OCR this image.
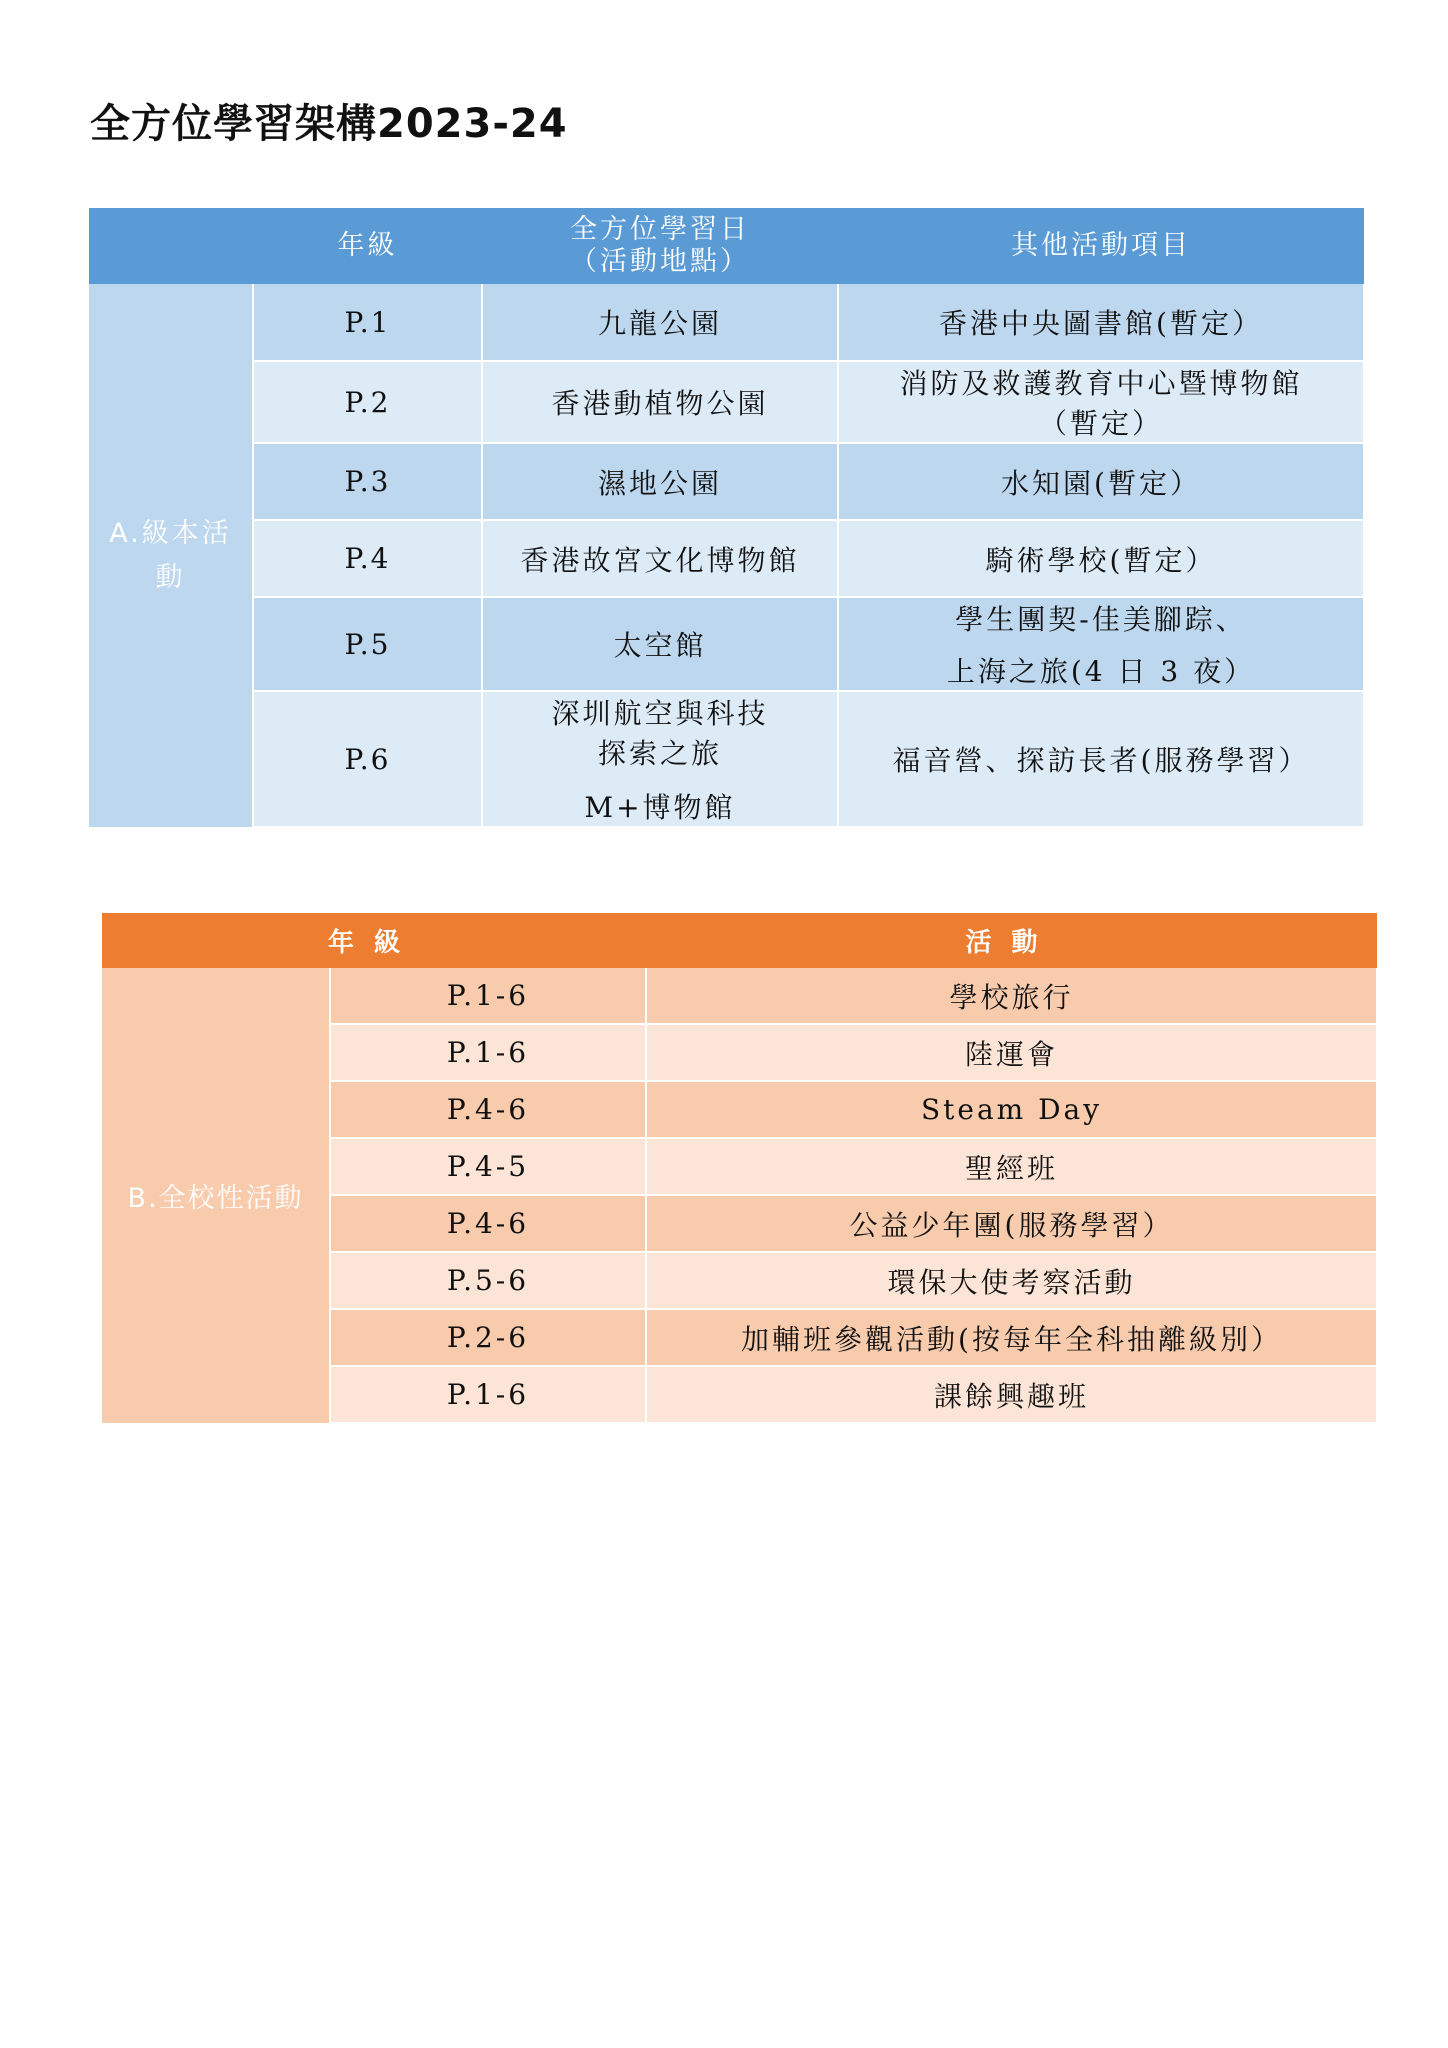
全方位學習架構2023-24
	年級	全方位學習日
（活動地點）	其他活動項目
A.級本活動	P.1	九龍公園	香港中央圖書館(暫定）

	P.2	香港動植物公園	消防及救護教育中心暨博物館
（暫定）

	P.3	濕地公園	水知園(暫定）

	P.4	香港故宮文化博物館	騎術學校(暫定）

	P.5	太空館	學生團契-佳美腳踪、
上海之旅(4 日 3 夜）

	P.6	深圳航空與科技
探索之旅
M+博物館	福音營、探訪長者(服務學習）
年級		活動
B.全校性活動	P.1-6	學校旅行
	P.1-6	陸運會
	P.4-6	Steam Day
	P.4-5	聖經班
	P.4-6	公益少年團(服務學習）
	P.5-6	環保大使考察活動
	P.2-6	加輔班參觀活動(按每年全科抽離級別）
	P.1-6	課餘興趣班
